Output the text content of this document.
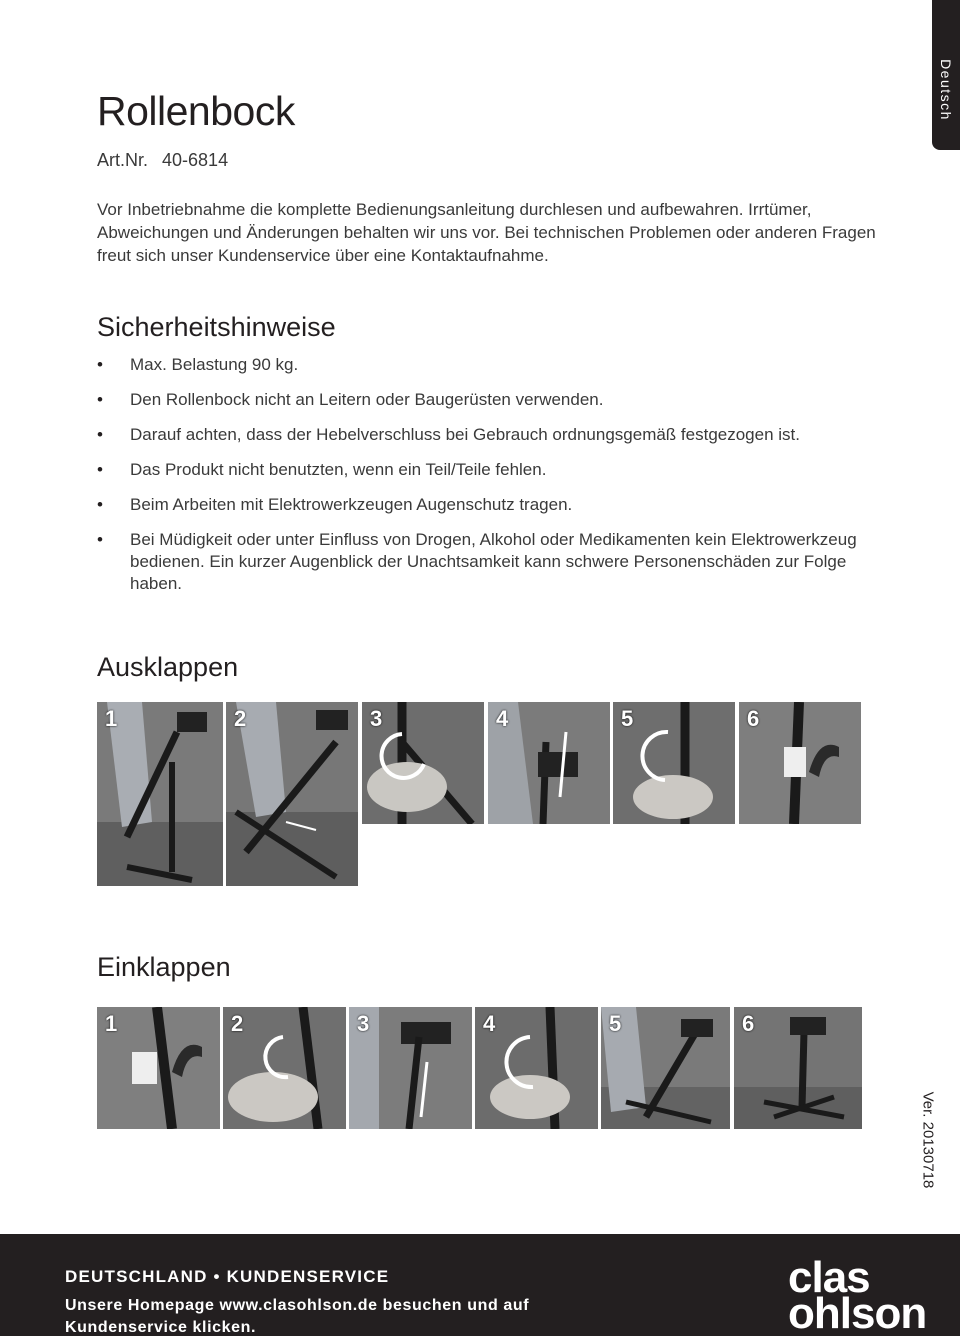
Deutsch
Rollenbock
Art.Nr. 40-6814

Vor Inbetriebnahme die komplette Bedienungsanleitung durchlesen und aufbewahren. Irrtümer, Abweichungen und Änderungen behalten wir uns vor. Bei technischen Problemen oder anderen Fragen freut sich unser Kundenservice über eine Kontaktaufnahme.

Sicherheitshinweise
• Max. Belastung 90 kg.
• Den Rollenbock nicht an Leitern oder Baugerüsten verwenden.
• Darauf achten, dass der Hebelverschluss bei Gebrauch ordnungsgemäß festgezogen ist.
• Das Produkt nicht benutzten, wenn ein Teil/Teile fehlen.
• Beim Arbeiten mit Elektrowerkzeugen Augenschutz tragen.
• Bei Müdigkeit oder unter Einfluss von Drogen, Alkohol oder Medikamenten kein Elektrowerkzeug bedienen. Ein kurzer Augenblick der Unachtsamkeit kann schwere Personenschäden zur Folge haben.
Ausklappen
1	2	3	4	5	6
Einklappen
1	2	3	4	5	6
Ver. 20130718
DEUTSCHLAND • KUNDENSERVICE
Unsere Homepage www.clasohlson.de besuchen und auf Kundenservice klicken.
clas
ohlson
